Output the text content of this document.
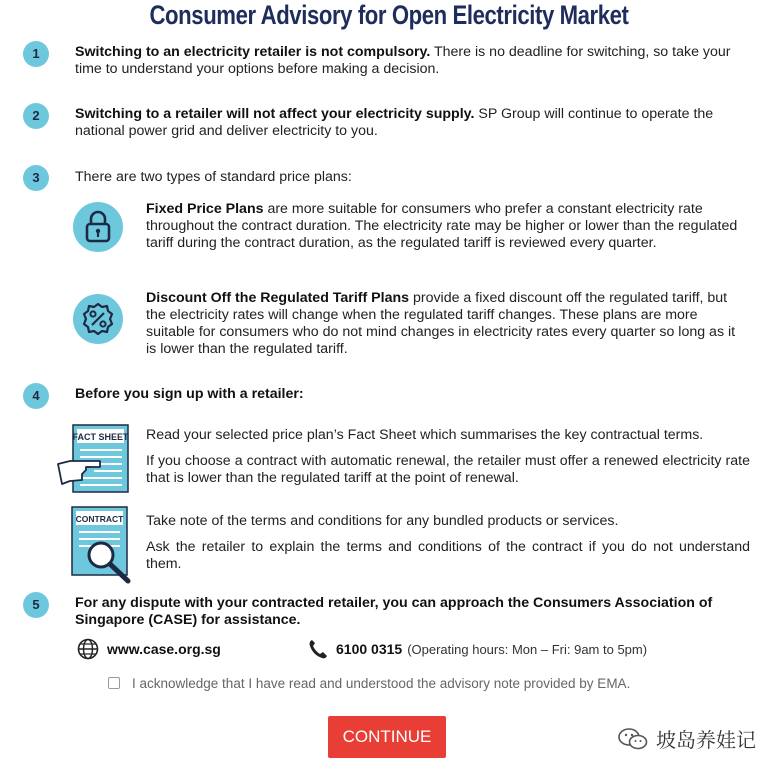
Consumer Advisory for Open Electricity Market
1	Switching to an electricity retailer is not compulsory. There is no deadline for switching, so take your time to understand your options before making a decision.
2	Switching to a retailer will not affect your electricity supply. SP Group will continue to operate the national power grid and deliver electricity to you.
3	There are two types of standard price plans:
Fixed Price Plans are more suitable for consumers who prefer a constant electricity rate throughout the contract duration. The electricity rate may be higher or lower than the regulated tariff during the contract duration, as the regulated tariff is reviewed every quarter.
Discount Off the Regulated Tariff Plans provide a fixed discount off the regulated tariff, but the electricity rates will change when the regulated tariff changes. These plans are more suitable for consumers who do not mind changes in electricity rates every quarter so long as it is lower than the regulated tariff.
4	Before you sign up with a retailer:
FACT SHEET Read your selected price plan’s Fact Sheet which summarises the key contractual terms.
If you choose a contract with automatic renewal, the retailer must offer a renewed electricity rate that is lower than the regulated tariff at the point of renewal.
CONTRACT Take note of the terms and conditions for any bundled products or services.
Ask the retailer to explain the terms and conditions of the contract if you do not understand them.
5	For any dispute with your contracted retailer, you can approach the Consumers Association of Singapore (CASE) for assistance.
www.case.org.sg	6100 0315 (Operating hours: Mon – Fri: 9am to 5pm)
I acknowledge that I have read and understood the advisory note provided by EMA.
CONTINUE	坡岛养娃记
